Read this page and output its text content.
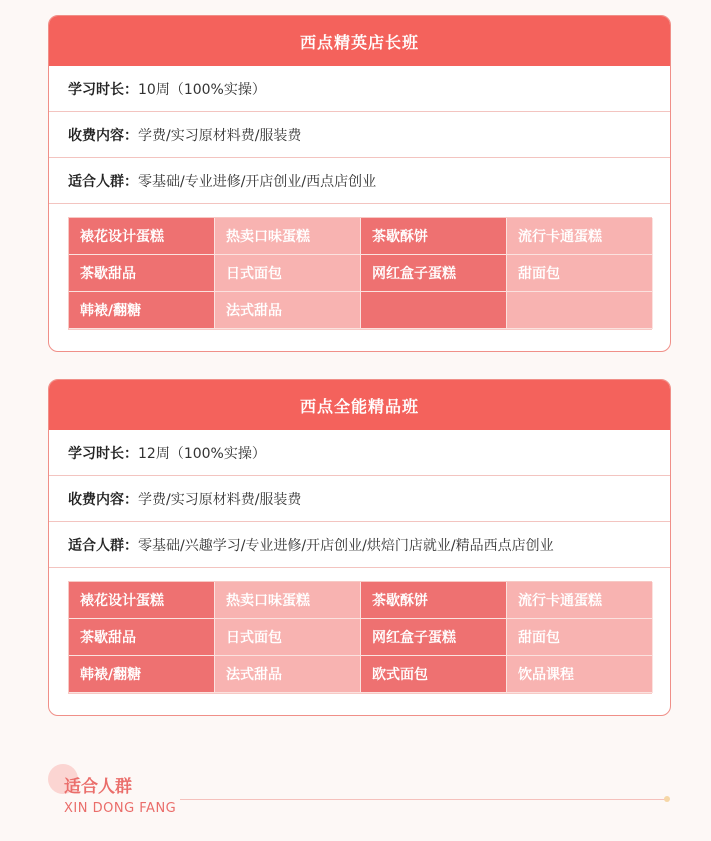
西点精英店长班
学习时长： 10周（100%实操）
收费内容： 学费/实习原材料费/服装费
适合人群： 零基础/专业进修/开店创业/西点店创业
裱花设计蛋糕	热卖口味蛋糕	茶歇酥饼	流行卡通蛋糕
茶歇甜品	日式面包	网红盒子蛋糕	甜面包
韩裱/翻糖	法式甜品
西点全能精品班
学习时长： 12周（100%实操）
收费内容： 学费/实习原材料费/服装费
适合人群： 零基础/兴趣学习/专业进修/开店创业/烘焙门店就业/精品西点店创业
裱花设计蛋糕	热卖口味蛋糕	茶歇酥饼	流行卡通蛋糕
茶歇甜品	日式面包	网红盒子蛋糕	甜面包
韩裱/翻糖	法式甜品	欧式面包	饮品课程
适合人群
XIN DONG FANG
